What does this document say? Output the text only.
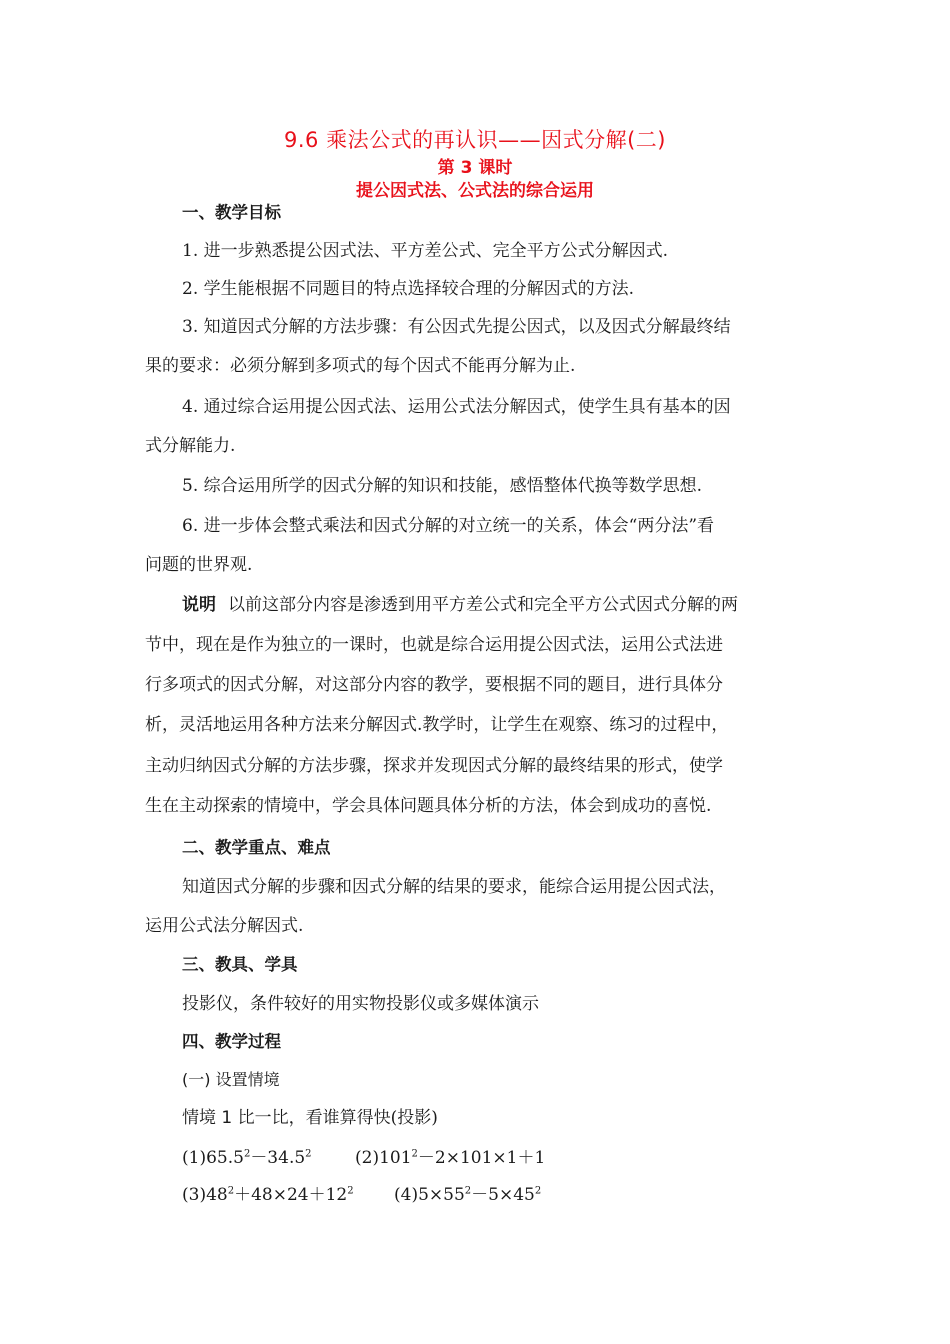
9.6 乘法公式的再认识——因式分解(二)
第 3 课时
提公因式法、公式法的综合运用
一、教学目标
1. 进一步熟悉提公因式法、平方差公式、完全平方公式分解因式.
2. 学生能根据不同题目的特点选择较合理的分解因式的方法.
3. 知道因式分解的方法步骤：有公因式先提公因式，以及因式分解最终结
果的要求：必须分解到多项式的每个因式不能再分解为止.
4. 通过综合运用提公因式法、运用公式法分解因式，使学生具有基本的因
式分解能力.
5. 综合运用所学的因式分解的知识和技能，感悟整体代换等数学思想.
6. 进一步体会整式乘法和因式分解的对立统一的关系，体会“两分法”看
问题的世界观.
说明 以前这部分内容是渗透到用平方差公式和完全平方公式因式分解的两
节中，现在是作为独立的一课时，也就是综合运用提公因式法，运用公式法进
行多项式的因式分解，对这部分内容的教学，要根据不同的题目，进行具体分
析，灵活地运用各种方法来分解因式.教学时，让学生在观察、练习的过程中，
主动归纳因式分解的方法步骤，探求并发现因式分解的最终结果的形式，使学
生在主动探索的情境中，学会具体问题具体分析的方法，体会到成功的喜悦.
二、教学重点、难点
知道因式分解的步骤和因式分解的结果的要求，能综合运用提公因式法，
运用公式法分解因式.
三、教具、学具
投影仪，条件较好的用实物投影仪或多媒体演示
四、教学过程
(一) 设置情境
情境 1 比一比，看谁算得快(投影)
$(1)65.5^2-34.5^2$	$(2)101^2-2\times 101\times 1+1$
$(3)48^2+48\times 24+12^2$ $(4)5\times 55^2-5\times 45^2$
